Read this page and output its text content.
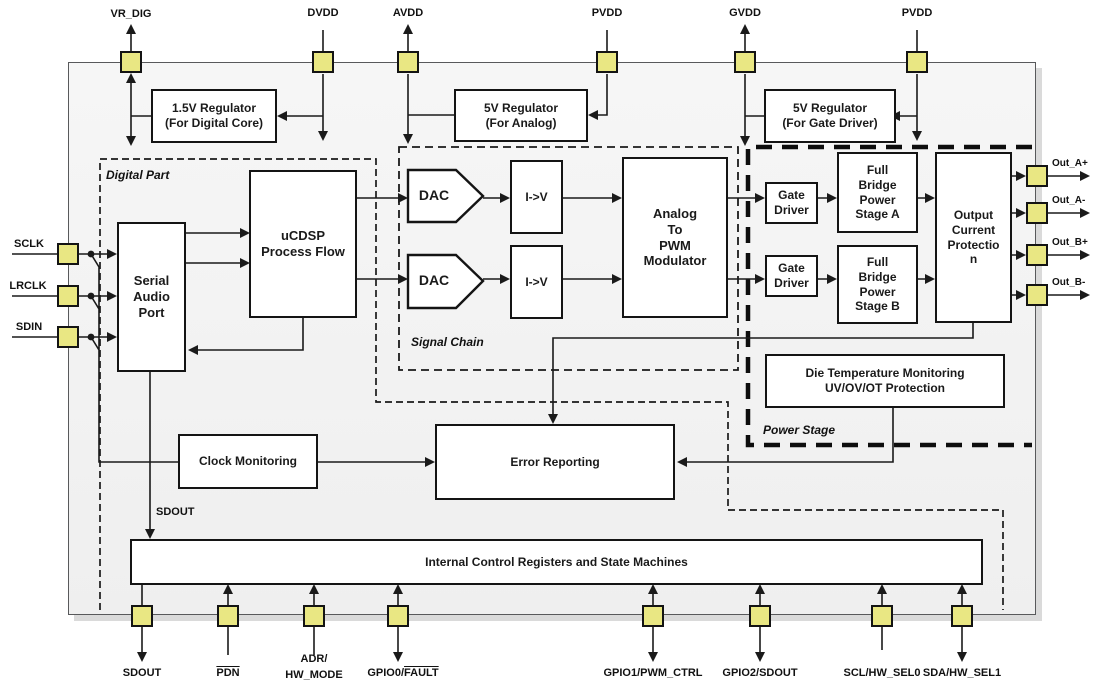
1.5V Regulator
(For Digital Core)
5V Regulator
(For Analog)
5V Regulator
(For Gate Driver)
Serial
Audio
Port
uCDSP
Process Flow
DAC
DAC
I->V
I->V
Analog
To
PWM
Modulator
Gate
Driver
Gate
Driver
Full
Bridge
Power
Stage A
Full
Bridge
Power
Stage B
Output
Current
Protectio
n
Die Temperature Monitoring
UV/OV/OT Protection
Clock Monitoring	Error Reporting
Internal Control Registers and State Machines
Digital Part
Signal Chain
Power Stage
SDOUT
VR_DIG	DVDD	AVDD	PVDD	GVDD	PVDD
SCLK
LRCLK
SDIN
Out_A+
Out_A-
Out_B+
Out_B-
SDOUT	$\overline{PDN}$
ADR/
HW_MODE	GPIO0/FAULT	GPIO1/PWM_CTRL	GPIO2/SDOUT	SCL/HW_SEL0 SDA/HW_SEL1
